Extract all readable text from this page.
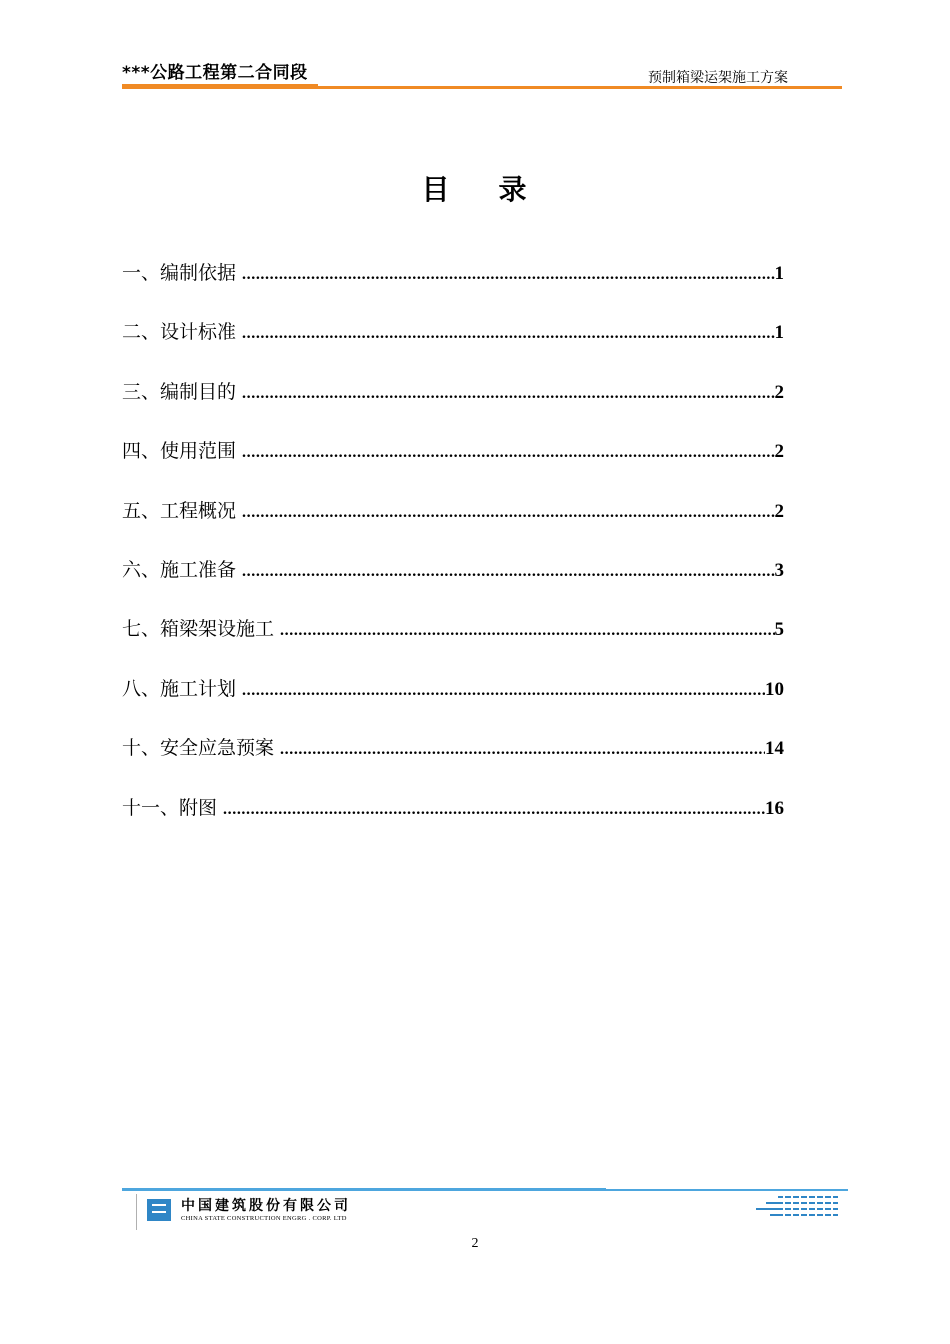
***公路工程第二合同段	预制箱梁运架施工方案
目    录
一、编制依据 .....	1
二、设计标准 .....	1
三、编制目的 .....	2
四、使用范围 .....	2
五、工程概况 .....	2
六、施工准备 .....	3
七、箱梁架设施工 .....	5
八、施工计划 .....	10
十、安全应急预案 .....	14
十一、附图 .....	16
中国建筑股份有限公司
CHINA STATE CONSTRUCTION ENGRG . CORP. LTD
2
